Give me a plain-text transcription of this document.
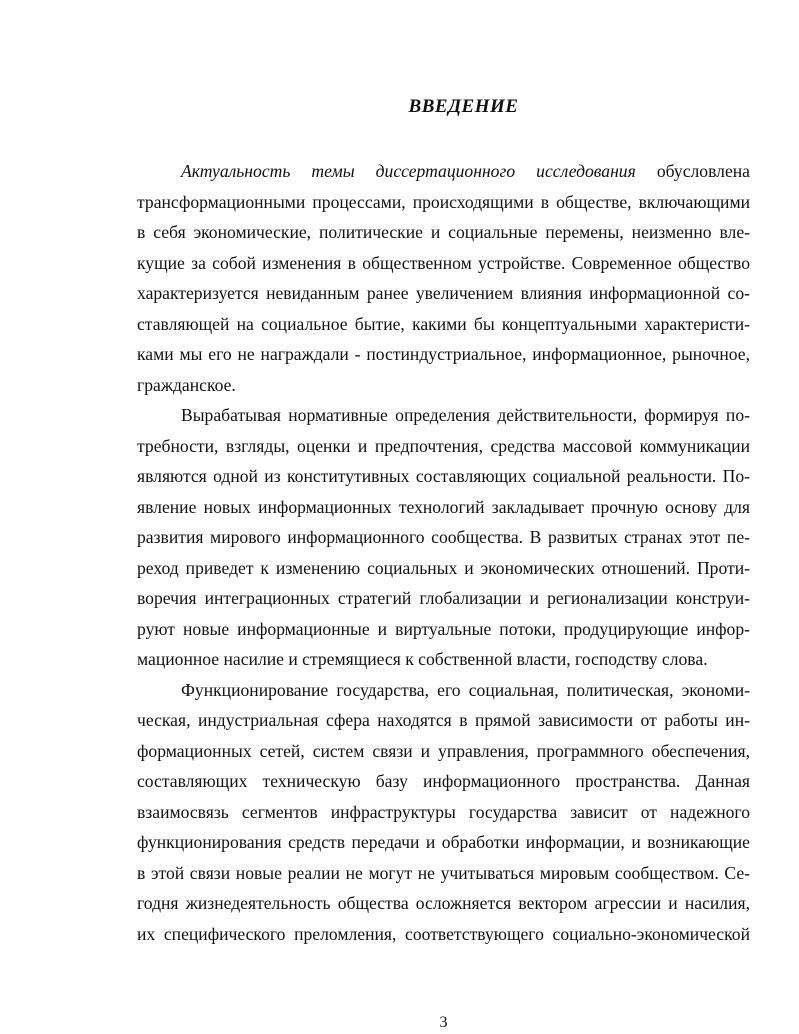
ВВЕДЕНИЕ
Актуальность темы диссертационного исследования обусловлена
трансформационными процессами, происходящими в обществе, включающими
в себя экономические, политические и социальные перемены, неизменно вле-
кущие за собой изменения в общественном устройстве. Современное общество
характеризуется невиданным ранее увеличением влияния информационной со-
ставляющей на социальное бытие, какими бы концептуальными характеристи-
ками мы его не награждали - постиндустриальное, информационное, рыночное,
гражданское.
Вырабатывая нормативные определения действительности, формируя по-
требности, взгляды, оценки и предпочтения, средства массовой коммуникации
являются одной из конститутивных составляющих социальной реальности. По-
явление новых информационных технологий закладывает прочную основу для
развития мирового информационного сообщества. В развитых странах этот пе-
реход приведет к изменению социальных и экономических отношений. Проти-
воречия интеграционных стратегий глобализации и регионализации конструи-
руют новые информационные и виртуальные потоки, продуцирующие инфор-
мационное насилие и стремящиеся к собственной власти, господству слова.
Функционирование государства, его социальная, политическая, экономи-
ческая, индустриальная сфера находятся в прямой зависимости от работы ин-
формационных сетей, систем связи и управления, программного обеспечения,
составляющих техническую базу информационного пространства. Данная
взаимосвязь сегментов инфраструктуры государства зависит от надежного
функционирования средств передачи и обработки информации, и возникающие
в этой связи новые реалии не могут не учитываться мировым сообществом. Се-
годня жизнедеятельность общества осложняется вектором агрессии и насилия,
их специфического преломления, соответствующего социально-экономической
3
